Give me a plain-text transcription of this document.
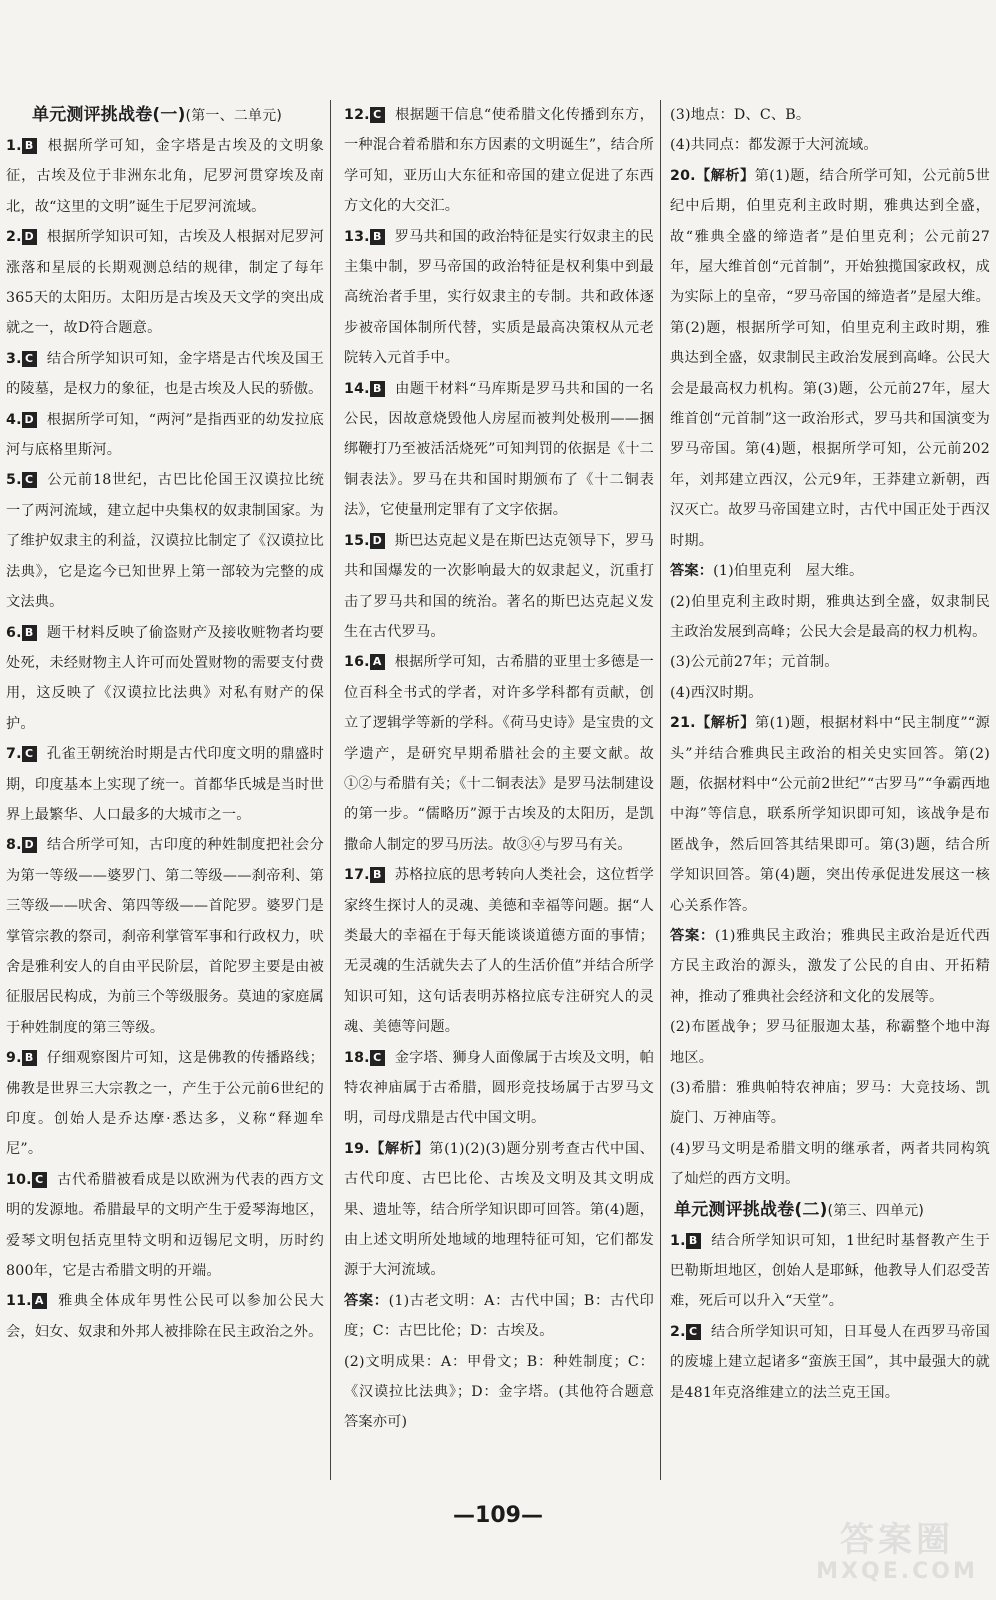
单元测评挑战卷(一)(第一、二单元)

1. B 根据所学可知，金字塔是古埃及的文明象征，古埃及位于非洲东北角，尼罗河贯穿埃及南北，故“这里的文明”诞生于尼罗河流域。

2. D 根据所学知识可知，古埃及人根据对尼罗河涨落和星辰的长期观测总结的规律，制定了每年365天的太阳历。太阳历是古埃及天文学的突出成就之一，故D符合题意。

3. C 结合所学知识可知，金字塔是古代埃及国王的陵墓，是权力的象征，也是古埃及人民的骄傲。

4. D 根据所学可知，“两河”是指西亚的幼发拉底河与底格里斯河。

5. C 公元前18世纪，古巴比伦国王汉谟拉比统一了两河流域，建立起中央集权的奴隶制国家。为了维护奴隶主的利益，汉谟拉比制定了《汉谟拉比法典》，它是迄今已知世界上第一部较为完整的成文法典。

6. B 题干材料反映了偷盗财产及接收赃物者均要处死，未经财物主人许可而处置财物的需要支付费用，这反映了《汉谟拉比法典》对私有财产的保护。

7. C 孔雀王朝统治时期是古代印度文明的鼎盛时期，印度基本上实现了统一。首都华氏城是当时世界上最繁华、人口最多的大城市之一。

8. D 结合所学可知，古印度的种姓制度把社会分为第一等级——婆罗门、第二等级——刹帝利、第三等级——吠舍、第四等级——首陀罗。婆罗门是掌管宗教的祭司，刹帝利掌管军事和行政权力，吠舍是雅利安人的自由平民阶层，首陀罗主要是由被征服居民构成，为前三个等级服务。莫迪的家庭属于种姓制度的第三等级。

9. B 仔细观察图片可知，这是佛教的传播路线；佛教是世界三大宗教之一，产生于公元前6世纪的印度。创始人是乔达摩·悉达多，义称“释迦牟尼”。

10. C 古代希腊被看成是以欧洲为代表的西方文明的发源地。希腊最早的文明产生于爱琴海地区，爱琴文明包括克里特文明和迈锡尼文明，历时约800年，它是古希腊文明的开端。

11. A 雅典全体成年男性公民可以参加公民大会，妇女、奴隶和外邦人被排除在民主政治之外。

12. C 根据题干信息“使希腊文化传播到东方，一种混合着希腊和东方因素的文明诞生”，结合所学可知，亚历山大东征和帝国的建立促进了东西方文化的大交汇。

13. B 罗马共和国的政治特征是实行奴隶主的民主集中制，罗马帝国的政治特征是权利集中到最高统治者手里，实行奴隶主的专制。共和政体逐步被帝国体制所代替，实质是最高决策权从元老院转入元首手中。

14. B 由题干材料“马库斯是罗马共和国的一名公民，因故意烧毁他人房屋而被判处极刑——捆绑鞭打乃至被活活烧死”可知判罚的依据是《十二铜表法》。罗马在共和国时期颁布了《十二铜表法》，它使量刑定罪有了文字依据。

15. D 斯巴达克起义是在斯巴达克领导下，罗马共和国爆发的一次影响最大的奴隶起义，沉重打击了罗马共和国的统治。著名的斯巴达克起义发生在古代罗马。

16. A 根据所学可知，古希腊的亚里士多德是一位百科全书式的学者，对许多学科都有贡献，创立了逻辑学等新的学科。《荷马史诗》是宝贵的文学遗产，是研究早期希腊社会的主要文献。故①②与希腊有关；《十二铜表法》是罗马法制建设的第一步。“儒略历”源于古埃及的太阳历，是凯撒命人制定的罗马历法。故③④与罗马有关。

17. B 苏格拉底的思考转向人类社会，这位哲学家终生探讨人的灵魂、美德和幸福等问题。据“人类最大的幸福在于每天能谈谈道德方面的事情；无灵魂的生活就失去了人的生活价值”并结合所学知识可知，这句话表明苏格拉底专注研究人的灵魂、美德等问题。

18. C 金字塔、狮身人面像属于古埃及文明，帕特农神庙属于古希腊，圆形竞技场属于古罗马文明，司母戊鼎是古代中国文明。

19.【解析】第(1)(2)(3)题分别考查古代中国、古代印度、古巴比伦、古埃及文明及其文明成果、遗址等，结合所学知识即可回答。第(4)题，由上述文明所处地域的地理特征可知，它们都发源于大河流域。

答案：(1)古老文明：A：古代中国；B：古代印度；C：古巴比伦；D：古埃及。

(2)文明成果：A：甲骨文；B：种姓制度；C：《汉谟拉比法典》；D：金字塔。(其他符合题意答案亦可)

(3)地点：D、C、B。

(4)共同点：都发源于大河流域。

20.【解析】第(1)题，结合所学可知，公元前5世纪中后期，伯里克利主政时期，雅典达到全盛，故“雅典全盛的缔造者”是伯里克利；公元前27年，屋大维首创“元首制”，开始独揽国家政权，成为实际上的皇帝，“罗马帝国的缔造者”是屋大维。第(2)题，根据所学可知，伯里克利主政时期，雅典达到全盛，奴隶制民主政治发展到高峰。公民大会是最高权力机构。第(3)题，公元前27年，屋大维首创“元首制”这一政治形式，罗马共和国演变为罗马帝国。第(4)题，根据所学可知，公元前202年，刘邦建立西汉，公元9年，王莽建立新朝，西汉灭亡。故罗马帝国建立时，古代中国正处于西汉时期。

答案：(1)伯里克利　屋大维。

(2)伯里克利主政时期，雅典达到全盛，奴隶制民主政治发展到高峰；公民大会是最高的权力机构。

(3)公元前27年；元首制。

(4)西汉时期。

21.【解析】第(1)题，根据材料中“民主制度”“源头”并结合雅典民主政治的相关史实回答。第(2)题，依据材料中“公元前2世纪”“古罗马”“争霸西地中海”等信息，联系所学知识即可知，该战争是布匿战争，然后回答其结果即可。第(3)题，结合所学知识回答。第(4)题，突出传承促进发展这一核心关系作答。

答案：(1)雅典民主政治；雅典民主政治是近代西方民主政治的源头，激发了公民的自由、开拓精神，推动了雅典社会经济和文化的发展等。

(2)布匿战争；罗马征服迦太基，称霸整个地中海地区。

(3)希腊：雅典帕特农神庙；罗马：大竞技场、凯旋门、万神庙等。

(4)罗马文明是希腊文明的继承者，两者共同构筑了灿烂的西方文明。

单元测评挑战卷(二)(第三、四单元)

1. B 结合所学知识可知，1世纪时基督教产生于巴勒斯坦地区，创始人是耶稣，他教导人们忍受苦难，死后可以升入“天堂”。

2. C 结合所学知识可知，日耳曼人在西罗马帝国的废墟上建立起诸多“蛮族王国”，其中最强大的就是481年克洛维建立的法兰克王国。

—109—
答案圈
MXQE.COM
